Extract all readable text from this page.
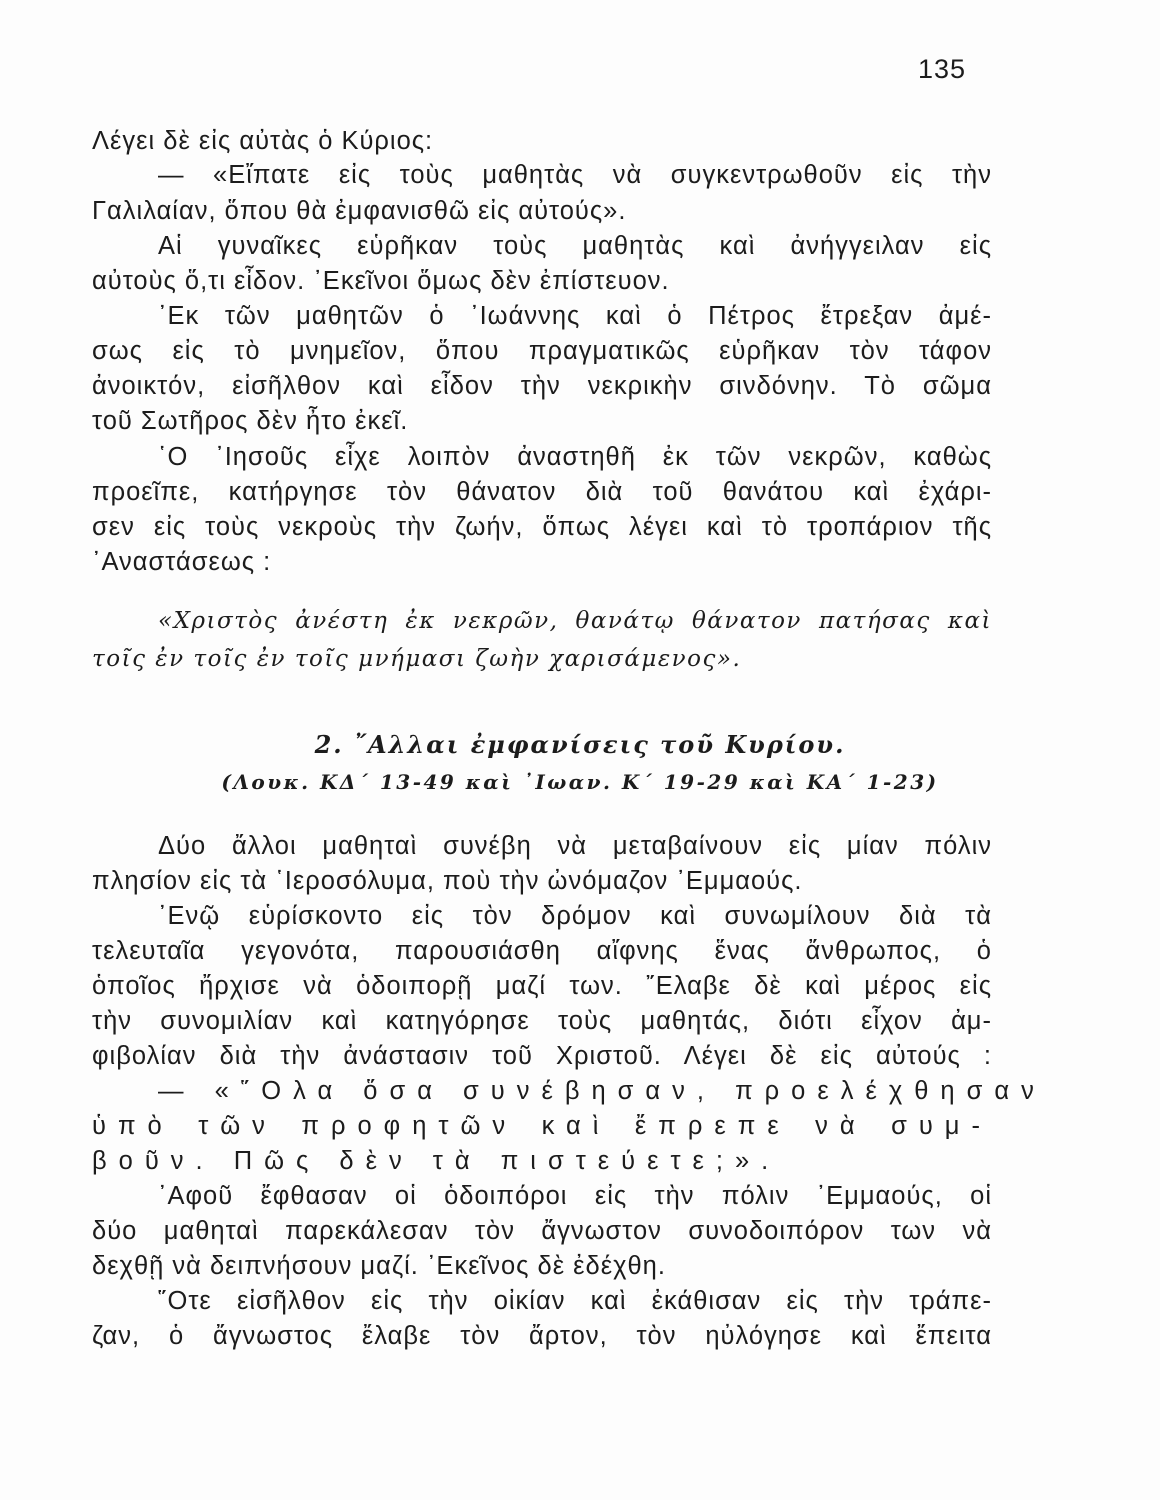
135
Λέγει δὲ εἰς αὐτὰς ὁ Κύριος:
— «Εἴπατε εἰς τοὺς μαθητὰς νὰ συγκεντρωθοῦν εἰς τὴν
Γαλιλαίαν, ὅπου θὰ ἐμφανισθῶ εἰς αὐτούς».
Αἱ γυναῖκες εὑρῆκαν τοὺς μαθητὰς καὶ ἀνήγγειλαν εἰς
αὐτοὺς ὅ,τι εἶδον. ᾿Εκεῖνοι ὅμως δὲν ἐπίστευον.
᾿Εκ τῶν μαθητῶν ὁ ᾿Ιωάννης καὶ ὁ Πέτρος ἔτρεξαν ἀμέ-
σως εἰς τὸ μνημεῖον, ὅπου πραγματικῶς εὑρῆκαν τὸν τάφον
ἀνοικτόν, εἰσῆλθον καὶ εἶδον τὴν νεκρικὴν σινδόνην. Τὸ σῶμα
τοῦ Σωτῆρος δὲν ἦτο ἐκεῖ.
῾Ο ᾿Ιησοῦς εἶχε λοιπὸν ἀναστηθῆ ἐκ τῶν νεκρῶν, καθὼς
προεῖπε, κατήργησε τὸν θάνατον διὰ τοῦ θανάτου καὶ ἐχάρι-
σεν εἰς τοὺς νεκροὺς τὴν ζωήν, ὅπως λέγει καὶ τὸ τροπάριον τῆς
᾿Αναστάσεως :
«Χριστὸς ἀνέστη ἐκ νεκρῶν, θανάτῳ θάνατον πατήσας καὶ
τοῖς ἐν τοῖς ἐν τοῖς μνήμασι ζωὴν χαρισάμενος».
2. ῎Αλλαι ἐμφανίσεις τοῦ Κυρίου.
(Λουκ. ΚΔ΄ 13-49 καὶ ᾿Ιωαν. Κ΄ 19-29 καὶ ΚΑ΄ 1-23)
Δύο ἄλλοι μαθηταὶ συνέβη νὰ μεταβαίνουν εἰς μίαν πόλιν
πλησίον εἰς τὰ ῾Ιεροσόλυμα, ποὺ τὴν ὠνόμαζον ᾿Εμμαούς.
᾿Ενῷ εὑρίσκοντο εἰς τὸν δρόμον καὶ συνωμίλουν διὰ τὰ
τελευταῖα γεγονότα, παρουσιάσθη αἴφνης ἕνας ἄνθρωπος, ὁ
ὁποῖος ἤρχισε νὰ ὁδοιπορῇ μαζί των. ῎Ελαβε δὲ καὶ μέρος εἰς
τὴν συνομιλίαν καὶ κατηγόρησε τοὺς μαθητάς, διότι εἶχον ἀμ-
φιβολίαν διὰ τὴν ἀνάστασιν τοῦ Χριστοῦ. Λέγει δὲ εἰς αὐτούς :
— «῞Ολα ὅσα συνέβησαν, προελέχθησαν
ὑπὸ τῶν προφητῶν καὶ ἔπρεπε νὰ συμ-
βοῦν. Πῶς δὲν τὰ πιστεύετε;».
᾿Αφοῦ ἔφθασαν οἱ ὁδοιπόροι εἰς τὴν πόλιν ᾿Εμμαούς, οἱ
δύο μαθηταὶ παρεκάλεσαν τὸν ἄγνωστον συνοδοιπόρον των νὰ
δεχθῇ νὰ δειπνήσουν μαζί. ᾿Εκεῖνος δὲ ἐδέχθη.
῞Οτε εἰσῆλθον εἰς τὴν οἰκίαν καὶ ἐκάθισαν εἰς τὴν τράπε-
ζαν, ὁ ἄγνωστος ἔλαβε τὸν ἄρτον, τὸν ηὐλόγησε καὶ ἔπειτα
